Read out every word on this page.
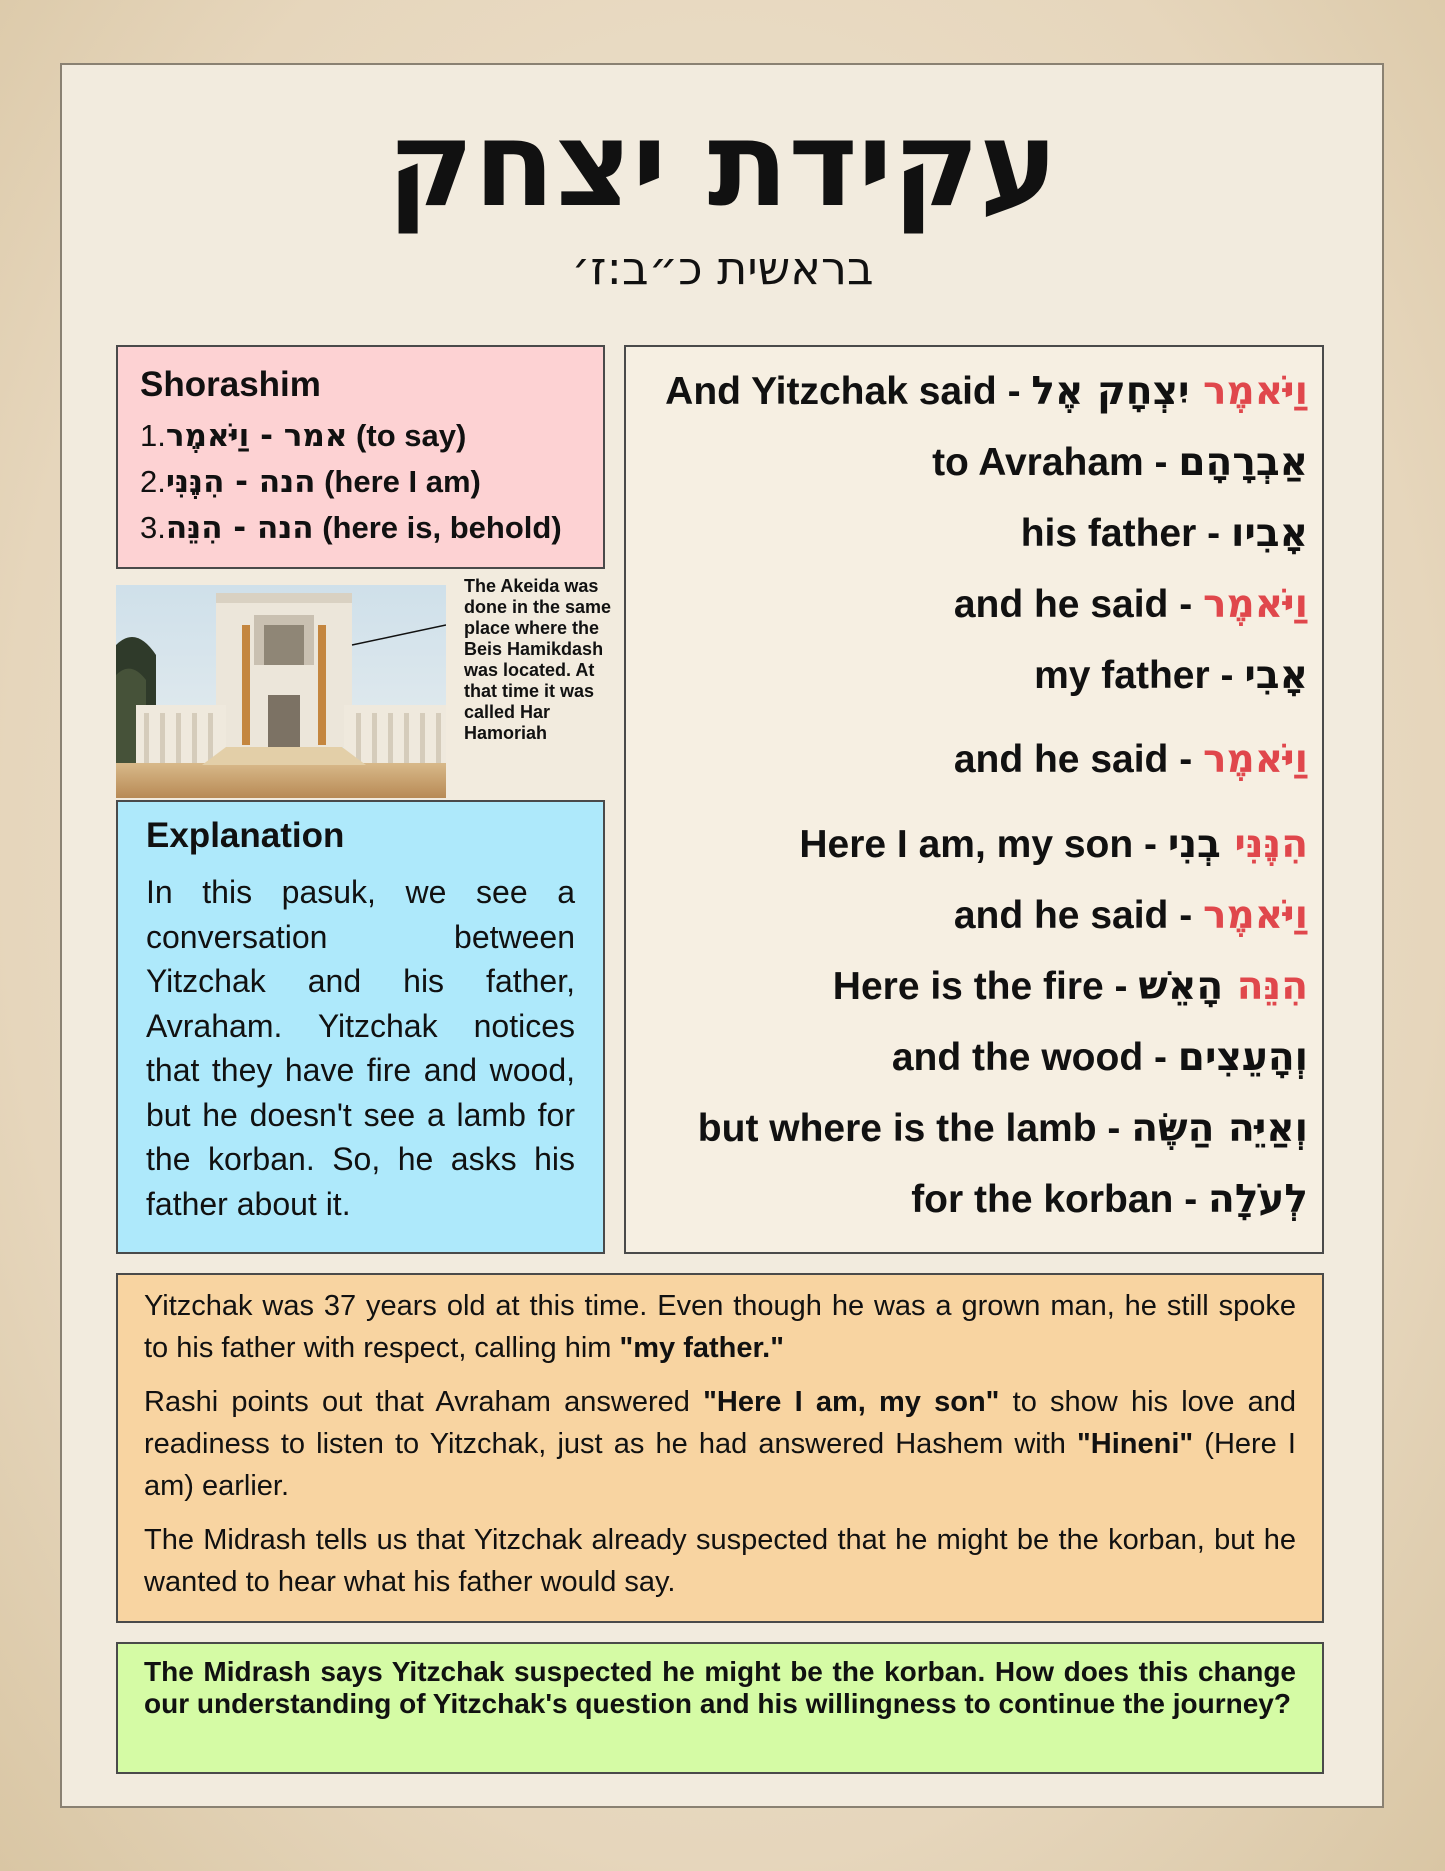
עקידת יצחק
בראשית כ״ב:ז׳
Shorashim
1.אמר - וַיֹּאמֶר (to say)
2.הנה - הִנֶּנִּי (here I am)
3.הנה - הִנֵּה (here is, behold)
The Akeida was done in the same place where the Beis Hamikdash was located. At that time it was called Har Hamoriah
Explanation

In this pasuk, we see a conversation between Yitzchak and his father, Avraham. Yitzchak notices that they have fire and wood, but he doesn't see a lamb for the korban. So, he asks his father about it.

And Yitzchak said -	וַיֹּאמֶר יִצְחָק אֶל
to Avraham - אַבְרָהָם
his father - אָבִיו
and he said - וַיֹּאמֶר
my father - אָבִי
and he said - וַיֹּאמֶר
Here I am, my son - הִנֶּנִּי בְנִי
and he said - וַיֹּאמֶר
Here is the fire -	הִנֵּה הָאֵשׁ
and the wood - וְהָעֵצִים
but where is the lamb - וְאַיֵּה הַשֶּׂה
for the korban - לְעֹלָה

Yitzchak was 37 years old at this time. Even though he was a grown man, he still spoke to his father with respect, calling him "my father."

Rashi points out that Avraham answered "Here I am, my son" to show his love and readiness to listen to Yitzchak, just as he had answered Hashem with "Hineni" (Here I am) earlier.

The Midrash tells us that Yitzchak already suspected that he might be the korban, but he wanted to hear what his father would say.

The Midrash says Yitzchak suspected he might be the korban. How does this change our understanding of Yitzchak's question and his willingness to continue the journey?
